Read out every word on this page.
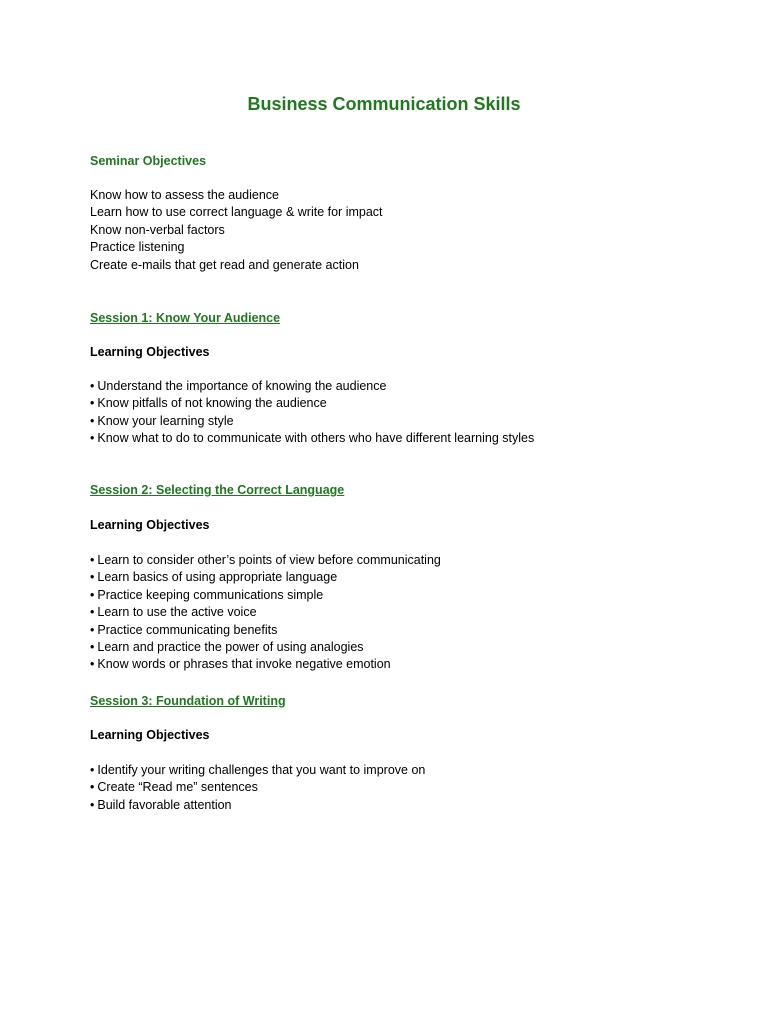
Business Communication Skills
Seminar Objectives
Know how to assess the audience
Learn how to use correct language & write for impact
Know non-verbal factors
Practice listening
Create e-mails that get read and generate action
Session 1: Know Your Audience
Learning Objectives
• Understand the importance of knowing the audience
• Know pitfalls of not knowing the audience
• Know your learning style
• Know what to do to communicate with others who have different learning styles
Session 2: Selecting the Correct Language
Learning Objectives
• Learn to consider other’s points of view before communicating
• Learn basics of using appropriate language
• Practice keeping communications simple
• Learn to use the active voice
• Practice communicating benefits
• Learn and practice the power of using analogies
• Know words or phrases that invoke negative emotion
Session 3: Foundation of Writing
Learning Objectives
• Identify your writing challenges that you want to improve on
• Create “Read me” sentences
• Build favorable attention
